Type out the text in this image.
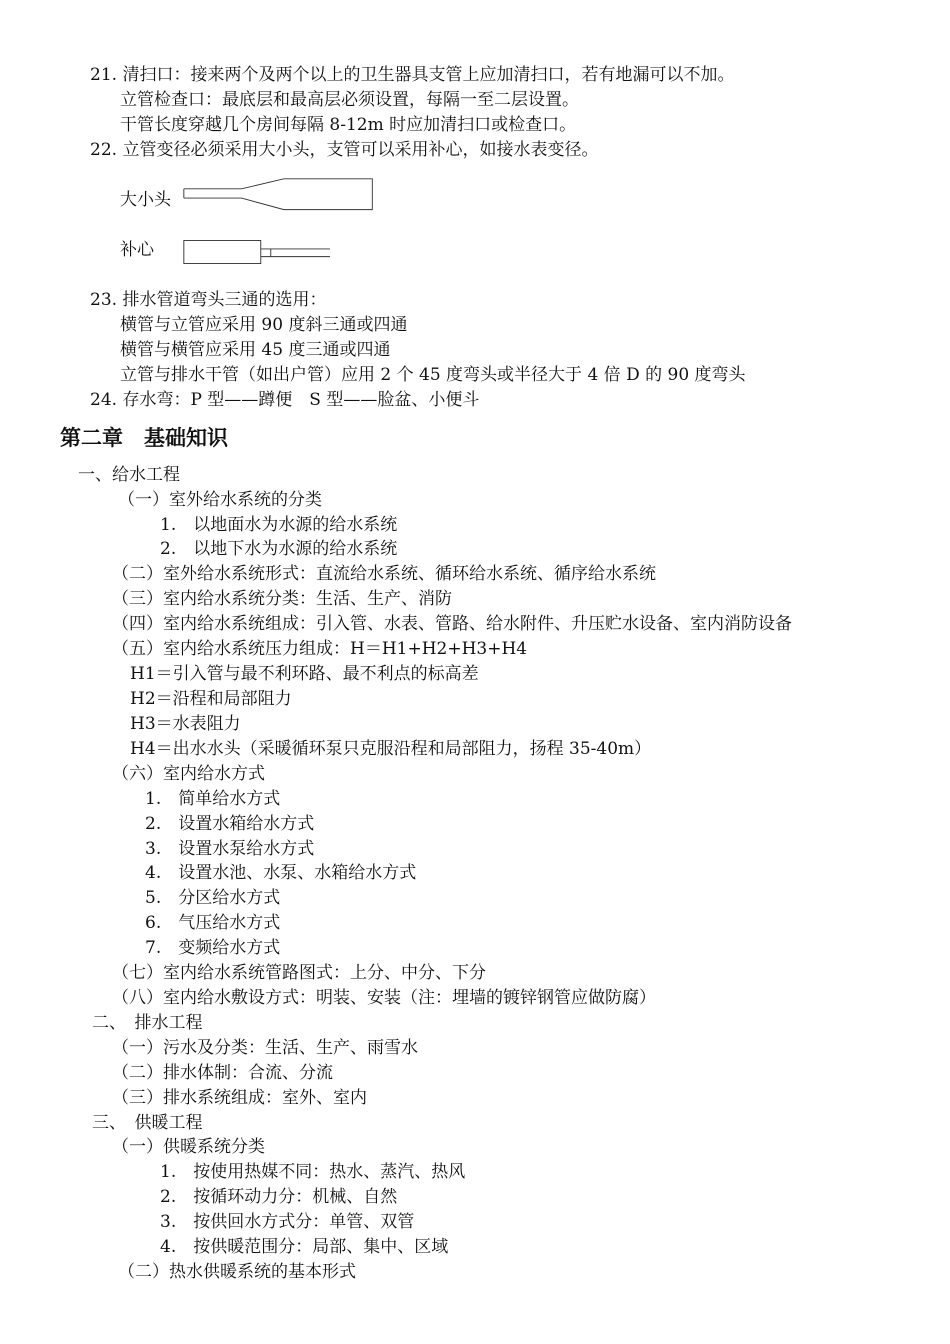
21. 清扫口：接来两个及两个以上的卫生器具支管上应加清扫口，若有地漏可以不加。
立管检查口：最底层和最高层必须设置，每隔一至二层设置。
干管长度穿越几个房间每隔 8-12m 时应加清扫口或检查口。
22. 立管变径必须采用大小头，支管可以采用补心，如接水表变径。
大小头
补心
23. 排水管道弯头三通的选用：
横管与立管应采用 90 度斜三通或四通
横管与横管应采用 45 度三通或四通
立管与排水干管（如出户管）应用 2 个 45 度弯头或半径大于 4 倍 D 的 90 度弯头
24. 存水弯：P 型——蹲便　S 型——脸盆、小便斗
第二章　基础知识
一、给水工程
（一）室外给水系统的分类
1.　以地面水为水源的给水系统
2.　以地下水为水源的给水系统
（二）室外给水系统形式：直流给水系统、循环给水系统、循序给水系统
（三）室内给水系统分类：生活、生产、消防
（四）室内给水系统组成：引入管、水表、管路、给水附件、升压贮水设备、室内消防设备
（五）室内给水系统压力组成：H＝H1+H2+H3+H4
H1＝引入管与最不利环路、最不利点的标高差
H2＝沿程和局部阻力
H3＝水表阻力
H4＝出水水头（采暖循环泵只克服沿程和局部阻力，扬程 35-40m）
（六）室内给水方式
1.　简单给水方式
2.　设置水箱给水方式
3.　设置水泵给水方式
4.　设置水池、水泵、水箱给水方式
5.　分区给水方式
6.　气压给水方式
7.　变频给水方式
（七）室内给水系统管路图式：上分、中分、下分
（八）室内给水敷设方式：明装、安装（注：埋墙的镀锌钢管应做防腐）
二、　排水工程
（一）污水及分类：生活、生产、雨雪水
（二）排水体制：合流、分流
（三）排水系统组成：室外、室内
三、　供暖工程
（一）供暖系统分类
1.　按使用热媒不同：热水、蒸汽、热风
2.　按循环动力分：机械、自然
3.　按供回水方式分：单管、双管
4.　按供暖范围分：局部、集中、区域
（二）热水供暖系统的基本形式
